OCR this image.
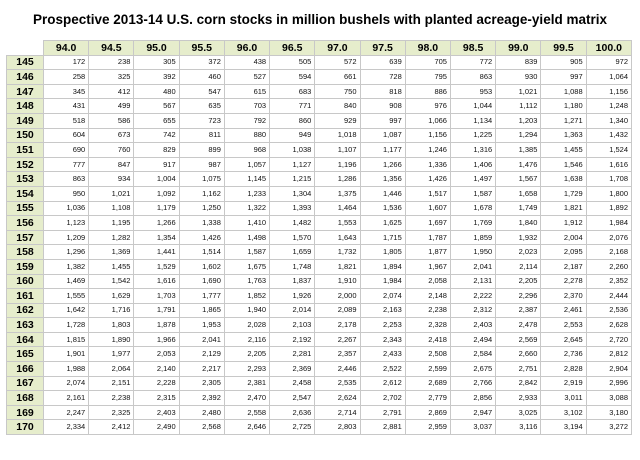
Prospective 2013-14 U.S. corn stocks in million bushels with planted acreage-yield matrix
	94.0	94.5	95.0	95.5	96.0	96.5	97.0	97.5	98.0	98.5	99.0	99.5	100.0
145	172	238	305	372	438	505	572	639	705	772	839	905	972
146	258	325	392	460	527	594	661	728	795	863	930	997	1,064
147	345	412	480	547	615	683	750	818	886	953	1,021	1,088	1,156
148	431	499	567	635	703	771	840	908	976	1,044	1,112	1,180	1,248
149	518	586	655	723	792	860	929	997	1,066	1,134	1,203	1,271	1,340
150	604	673	742	811	880	949	1,018	1,087	1,156	1,225	1,294	1,363	1,432
151	690	760	829	899	968	1,038	1,107	1,177	1,246	1,316	1,385	1,455	1,524
152	777	847	917	987	1,057	1,127	1,196	1,266	1,336	1,406	1,476	1,546	1,616
153	863	934	1,004	1,075	1,145	1,215	1,286	1,356	1,426	1,497	1,567	1,638	1,708
154	950	1,021	1,092	1,162	1,233	1,304	1,375	1,446	1,517	1,587	1,658	1,729	1,800
155	1,036	1,108	1,179	1,250	1,322	1,393	1,464	1,536	1,607	1,678	1,749	1,821	1,892
156	1,123	1,195	1,266	1,338	1,410	1,482	1,553	1,625	1,697	1,769	1,840	1,912	1,984
157	1,209	1,282	1,354	1,426	1,498	1,570	1,643	1,715	1,787	1,859	1,932	2,004	2,076
158	1,296	1,369	1,441	1,514	1,587	1,659	1,732	1,805	1,877	1,950	2,023	2,095	2,168
159	1,382	1,455	1,529	1,602	1,675	1,748	1,821	1,894	1,967	2,041	2,114	2,187	2,260
160	1,469	1,542	1,616	1,690	1,763	1,837	1,910	1,984	2,058	2,131	2,205	2,278	2,352
161	1,555	1,629	1,703	1,777	1,852	1,926	2,000	2,074	2,148	2,222	2,296	2,370	2,444
162	1,642	1,716	1,791	1,865	1,940	2,014	2,089	2,163	2,238	2,312	2,387	2,461	2,536
163	1,728	1,803	1,878	1,953	2,028	2,103	2,178	2,253	2,328	2,403	2,478	2,553	2,628
164	1,815	1,890	1,966	2,041	2,116	2,192	2,267	2,343	2,418	2,494	2,569	2,645	2,720
165	1,901	1,977	2,053	2,129	2,205	2,281	2,357	2,433	2,508	2,584	2,660	2,736	2,812
166	1,988	2,064	2,140	2,217	2,293	2,369	2,446	2,522	2,599	2,675	2,751	2,828	2,904
167	2,074	2,151	2,228	2,305	2,381	2,458	2,535	2,612	2,689	2,766	2,842	2,919	2,996
168	2,161	2,238	2,315	2,392	2,470	2,547	2,624	2,702	2,779	2,856	2,933	3,011	3,088
169	2,247	2,325	2,403	2,480	2,558	2,636	2,714	2,791	2,869	2,947	3,025	3,102	3,180
170	2,334	2,412	2,490	2,568	2,646	2,725	2,803	2,881	2,959	3,037	3,116	3,194	3,272
